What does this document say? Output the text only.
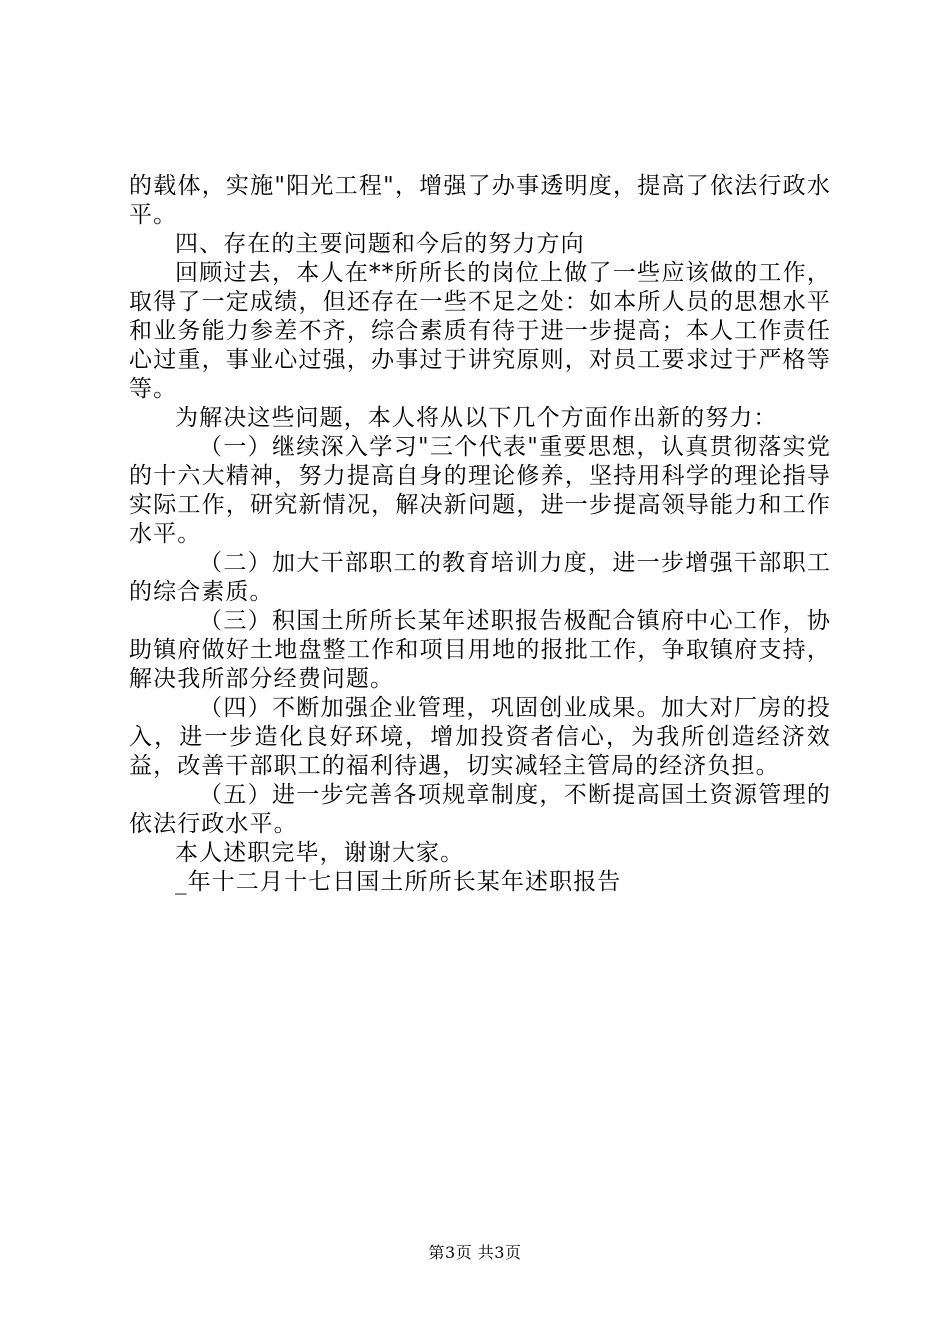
的载体，实施"阳光工程"，增强了办事透明度，提高了依法行政水平。

四、存在的主要问题和今后的努力方向

回顾过去，本人在**所所长的岗位上做了一些应该做的工作，取得了一定成绩，但还存在一些不足之处：如本所人员的思想水平和业务能力参差不齐，综合素质有待于进一步提高；本人工作责任心过重，事业心过强，办事过于讲究原则，对员工要求过于严格等等。

为解决这些问题，本人将从以下几个方面作出新的努力：

（一）继续深入学习"三个代表"重要思想，认真贯彻落实党的十六大精神，努力提高自身的理论修养，坚持用科学的理论指导实际工作，研究新情况，解决新问题，进一步提高领导能力和工作水平。

（二）加大干部职工的教育培训力度，进一步增强干部职工的综合素质。

（三）积国土所所长某年述职报告极配合镇府中心工作，协助镇府做好土地盘整工作和项目用地的报批工作，争取镇府支持，解决我所部分经费问题。

（四）不断加强企业管理，巩固创业成果。加大对厂房的投入，进一步造化良好环境，增加投资者信心，为我所创造经济效益，改善干部职工的福利待遇，切实减轻主管局的经济负担。

（五）进一步完善各项规章制度，不断提高国土资源管理的依法行政水平。

本人述职完毕，谢谢大家。

_年十二月十七日国土所所长某年述职报告

第3页 共3页
